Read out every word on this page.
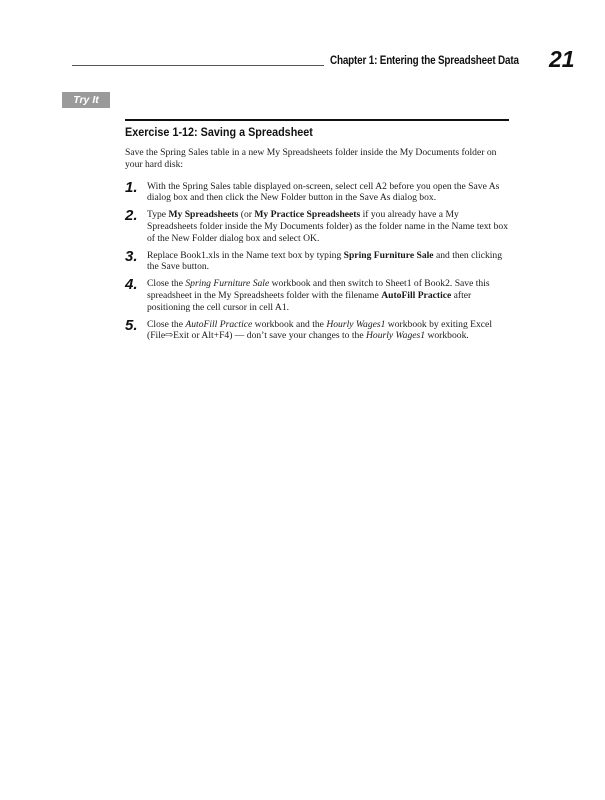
Chapter 1: Entering the Spreadsheet Data 21
Try It
Exercise 1-12: Saving a Spreadsheet
Save the Spring Sales table in a new My Spreadsheets folder inside the My Documents folder on your hard disk:
1. With the Spring Sales table displayed on-screen, select cell A2 before you open the Save As dialog box and then click the New Folder button in the Save As dialog box.
2. Type My Spreadsheets (or My Practice Spreadsheets if you already have a My Spreadsheets folder inside the My Documents folder) as the folder name in the Name text box of the New Folder dialog box and select OK.
3. Replace Book1.xls in the Name text box by typing Spring Furniture Sale and then clicking the Save button.
4. Close the Spring Furniture Sale workbook and then switch to Sheet1 of Book2. Save this spreadsheet in the My Spreadsheets folder with the filename AutoFill Practice after positioning the cell cursor in cell A1.
5. Close the AutoFill Practice workbook and the Hourly Wages1 workbook by exiting Excel (File⇨Exit or Alt+F4) — don’t save your changes to the Hourly Wages1 workbook.
